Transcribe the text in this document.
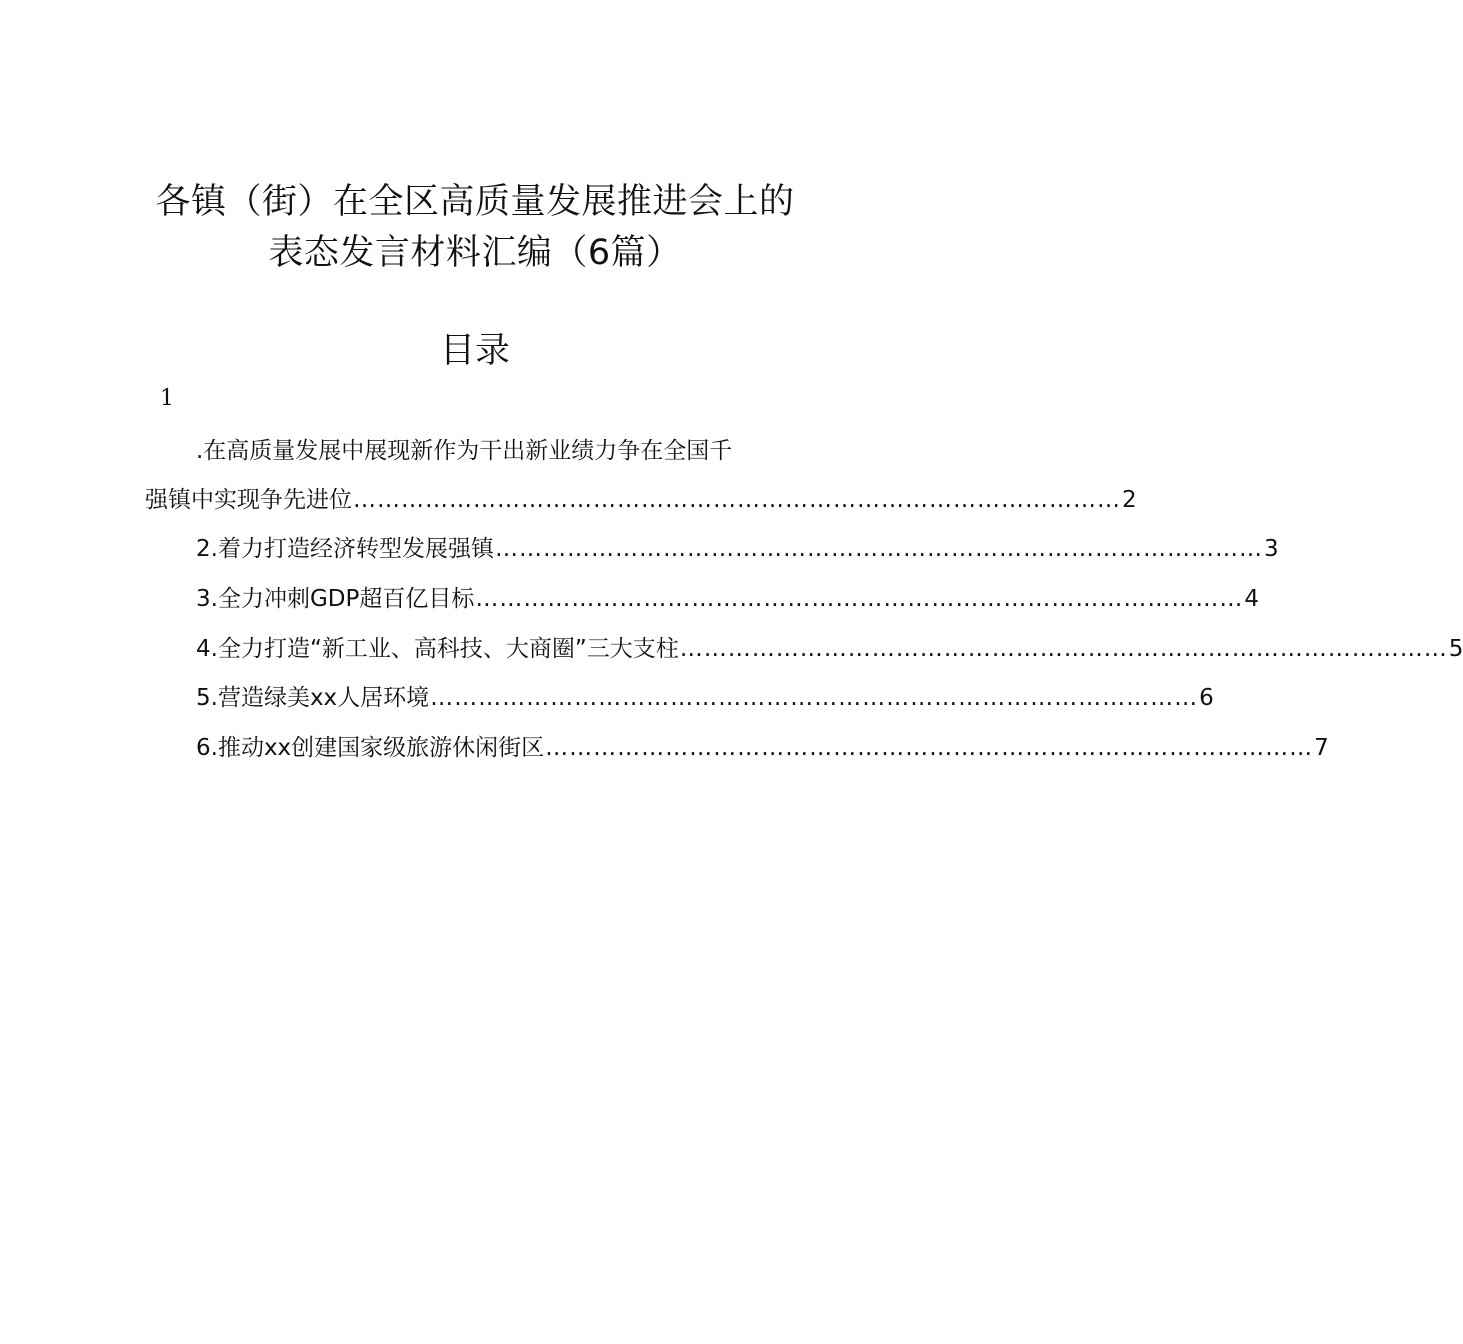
各镇（街）在全区高质量发展推进会上的
表态发言材料汇编（6篇）
目录
1
.在高质量发展中展现新作为干出新业绩力争在全国千
强镇中实现争先进位 …………………………………………………………………………………… 2
2.着力打造经济转型发展强镇 …………………………………………………………………………………… 3
3.全力冲刺GDP超百亿目标 …………………………………………………………………………………… 4
4.全力打造“新工业、高科技、大商圈”三大支柱 …………………………………………………………………………………… 5
5.营造绿美xx人居环境 …………………………………………………………………………………… 6
6.推动xx创建国家级旅游休闲街区 …………………………………………………………………………………… 7
